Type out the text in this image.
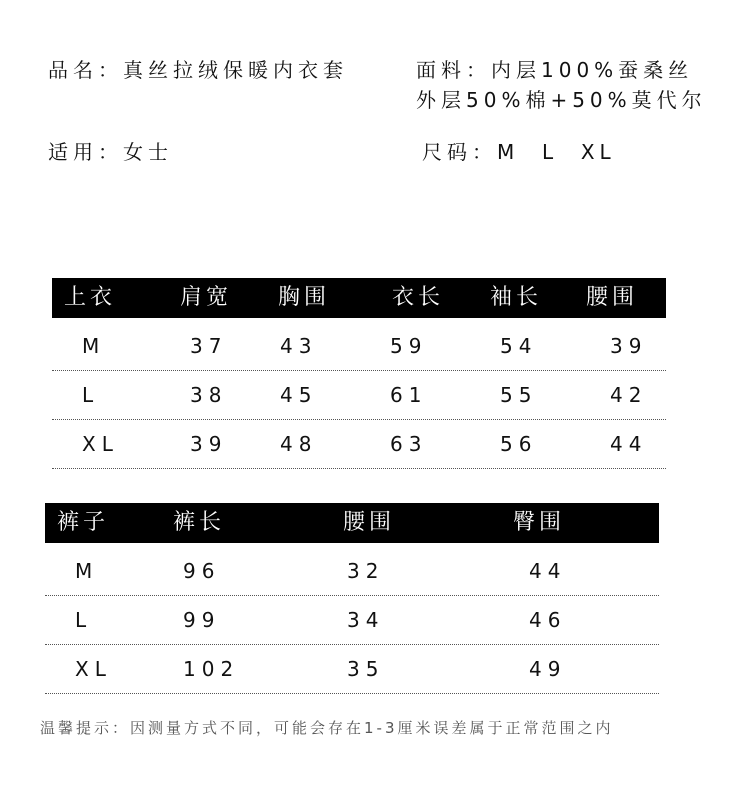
品名：真丝拉绒保暖内衣套	面料：内层100%蚕桑丝
外层50%棉+50%莫代尔
适用：女士	尺码：M  L  XL
上衣	肩宽 胸围	衣长 袖长 腰围
M	37	43	59	54	39
L	38	45	61	55	42
XL	39	48	63	56	44
裤子	裤长	腰围	臀围
M	96	32	44
L	99	34	46
XL	102	35	49
温馨提示：因测量方式不同，可能会存在1-3厘米误差属于正常范围之内
